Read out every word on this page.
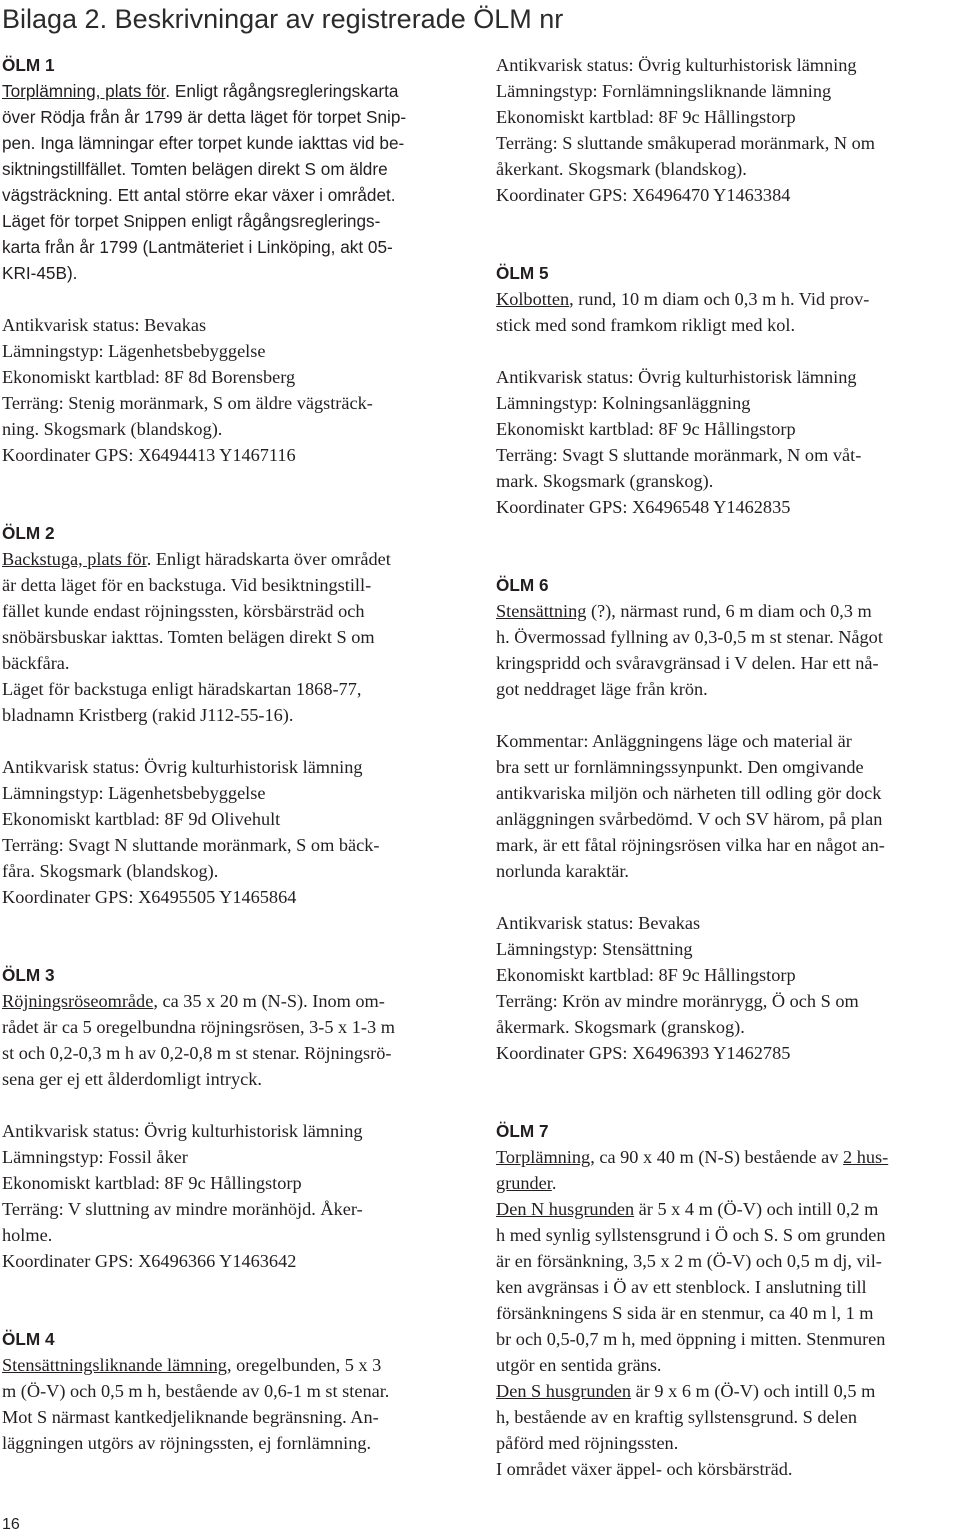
Bilaga 2. Beskrivningar av registrerade ÖLM nr

ÖLM 1

Torplämning, plats för. Enligt rågångsregleringskarta

över Rödja från år 1799 är detta läget för torpet Snip-

pen. Inga lämningar efter torpet kunde iakttas vid be-

siktningstillfället. Tomten belägen direkt S om äldre

vägsträckning. Ett antal större ekar växer i området.

Läget för torpet Snippen enligt rågångsreglerings-

karta från år 1799 (Lantmäteriet i Linköping, akt 05-

KRI-45B).

Antikvarisk status: Bevakas

Lämningstyp: Lägenhetsbebyggelse

Ekonomiskt kartblad: 8F 8d Borensberg

Terräng: Stenig moränmark, S om äldre vägsträck-

ning. Skogsmark (blandskog).

Koordinater GPS: X6494413 Y1467116

ÖLM 2

Backstuga, plats för. Enligt häradskarta över området

är detta läget för en backstuga. Vid besiktningstill-

fället kunde endast röjningssten, körsbärsträd och

snöbärsbuskar iakttas. Tomten belägen direkt S om

bäckfåra.

Läget för backstuga enligt häradskartan 1868-77,

bladnamn Kristberg (rakid J112-55-16).

Antikvarisk status: Övrig kulturhistorisk lämning

Lämningstyp: Lägenhetsbebyggelse

Ekonomiskt kartblad: 8F 9d Olivehult

Terräng: Svagt N sluttande moränmark, S om bäck-

fåra. Skogsmark (blandskog).

Koordinater GPS: X6495505 Y1465864

ÖLM 3

Röjningsröseområde, ca 35 x 20 m (N-S). Inom om-

rådet är ca 5 oregelbundna röjningsrösen, 3-5 x 1-3 m

st och 0,2-0,3 m h av 0,2-0,8 m st stenar. Röjningsrö-

sena ger ej ett ålderdomligt intryck.

Antikvarisk status: Övrig kulturhistorisk lämning

Lämningstyp: Fossil åker

Ekonomiskt kartblad: 8F 9c Hållingstorp

Terräng: V sluttning av mindre moränhöjd. Åker-

holme.

Koordinater GPS: X6496366 Y1463642

ÖLM 4

Stensättningsliknande lämning, oregelbunden, 5 x 3

m (Ö-V) och 0,5 m h, bestående av 0,6-1 m st stenar.

Mot S närmast kantkedjeliknande begränsning. An-

läggningen utgörs av röjningssten, ej fornlämning.

Antikvarisk status: Övrig kulturhistorisk lämning

Lämningstyp: Fornlämningsliknande lämning

Ekonomiskt kartblad: 8F 9c Hållingstorp

Terräng: S sluttande småkuperad moränmark, N om

åkerkant. Skogsmark (blandskog).

Koordinater GPS: X6496470 Y1463384

ÖLM 5

Kolbotten, rund, 10 m diam och 0,3 m h. Vid prov-

stick med sond framkom rikligt med kol.

Antikvarisk status: Övrig kulturhistorisk lämning

Lämningstyp: Kolningsanläggning

Ekonomiskt kartblad: 8F 9c Hållingstorp

Terräng: Svagt S sluttande moränmark, N om våt-

mark. Skogsmark (granskog).

Koordinater GPS: X6496548 Y1462835

ÖLM 6

Stensättning (?), närmast rund, 6 m diam och 0,3 m

h. Övermossad fyllning av 0,3-0,5 m st stenar. Något

kringspridd och svåravgränsad i V delen. Har ett nå-

got neddraget läge från krön.

Kommentar: Anläggningens läge och material är

bra sett ur fornlämningssynpunkt. Den omgivande

antikvariska miljön och närheten till odling gör dock

anläggningen svårbedömd. V och SV härom, på plan

mark, är ett fåtal röjningsrösen vilka har en något an-

norlunda karaktär.

Antikvarisk status: Bevakas

Lämningstyp: Stensättning

Ekonomiskt kartblad: 8F 9c Hållingstorp

Terräng: Krön av mindre moränrygg, Ö och S om

åkermark. Skogsmark (granskog).

Koordinater GPS: X6496393 Y1462785

ÖLM 7

Torplämning, ca 90 x 40 m (N-S) bestående av 2 hus-

grunder.

Den N husgrunden är 5 x 4 m (Ö-V) och intill 0,2 m

h med synlig syllstensgrund i Ö och S. S om grunden

är en försänkning, 3,5 x 2 m (Ö-V) och 0,5 m dj, vil-

ken avgränsas i Ö av ett stenblock. I anslutning till

försänkningens S sida är en stenmur, ca 40 m l, 1 m

br och 0,5-0,7 m h, med öppning i mitten. Stenmuren

utgör en sentida gräns.

Den S husgrunden är 9 x 6 m (Ö-V) och intill 0,5 m

h, bestående av en kraftig syllstensgrund. S delen

påförd med röjningssten.

I området växer äppel- och körsbärsträd.

16
